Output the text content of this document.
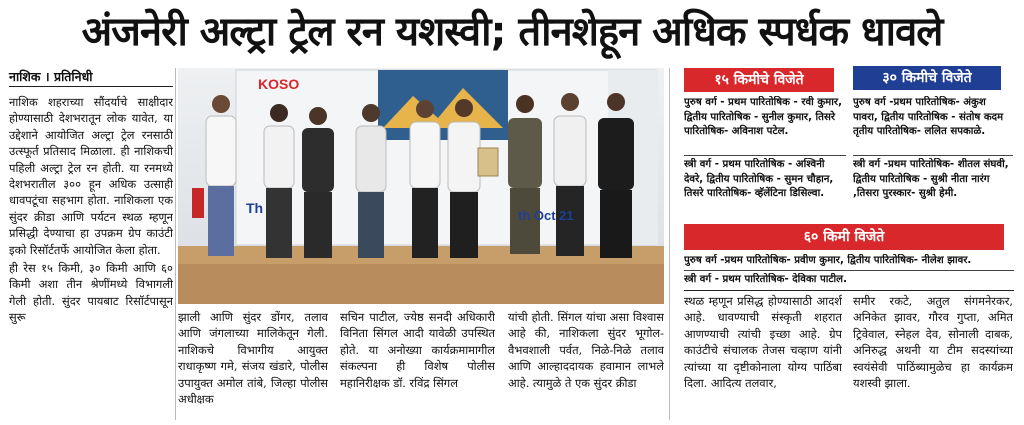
अंजनेरी अल्ट्रा ट्रेल रन यशस्वी; तीनशेहून अधिक स्पर्धक धावले
नाशिक । प्रतिनिधी

नाशिक शहराच्या सौंदर्याचे साक्षीदार होण्यासाठी देशभरातून लोक यावेत, या उद्देशाने आयोजित अल्ट्रा ट्रेल रनसाठी उत्स्फूर्त प्रतिसाद मिळाला. ही नाशिकची पहिली अल्ट्रा ट्रेल रन होती. या रनमध्ये देशभरातील ३०० हून अधिक उत्साही धावपटूंचा सहभाग होता. नाशिकला एक सुंदर क्रीडा आणि पर्यटन स्थळ म्हणून प्रसिद्धी देण्याचा हा उपक्रम ग्रेप काउंटी इको रिसॉर्टतर्फे आयोजित केला होता.

ही रेस १५ किमी, ३० किमी आणि ६० किमी अशा तीन श्रेणींमध्ये विभागली गेली होती. सुंदर पायबाट रिसॉर्टपासून सुरू

KOSO
Th	th Oct 21

झाली आणि सुंदर डोंगर, तलाव आणि जंगलाच्या मालिकेतून गेली. नाशिकचे विभागीय आयुक्त राधाकृष्ण गमे, संजय खंडारे, पोलीस उपायुक्त अमोल तांबे, जिल्हा पोलीस अधीक्षक

सचिन पाटील, ज्येष्ठ सनदी अधिकारी विनिता सिंगल आदी यावेळी उपस्थित होते. या अनोख्या कार्यक्रमामागील संकल्पना ही विशेष पोलीस महानिरीक्षक डॉ. रविंद्र सिंगल

यांची होती. सिंगल यांचा असा विश्वास आहे की, नाशिकला सुंदर भूगोल-वैभवशाली पर्वत, निळे-निळे तलाव आणि आल्हाददायक हवामान लाभले आहे. त्यामुळे ते एक सुंदर क्रीडा

१५ किमीचे विजेते
पुरुष वर्ग - प्रथम पारितोषिक - रवी कुमार, द्वितीय पारितोषिक - सुनील कुमार, तिसरे पारितोषिक- अविनाश पटेल.
स्त्री वर्ग - प्रथम पारितोषिक - अश्विनी देवरे, द्वितीय पारितोषिक - सुमन चौहान, तिसरे पारितोषिक- व्हॅलेंटिना डिसिल्वा.
३० किमीचे विजेते
पुरुष वर्ग -प्रथम पारितोषिक- अंकुश पावरा, द्वितीय पारितोषिक - संतोष कदम तृतीय पारितोषिक- ललित सपकाळे.
स्त्री वर्ग -प्रथम पारितोषिक- शीतल संघवी, द्वितीय पारितोषिक - सुश्री नीता नारंग ,तिसरा पुरस्कार- सुश्री हेमी.
६० किमी विजेते
पुरुष वर्ग -प्रथम पारितोषिक- प्रवीण कुमार, द्वितीय पारितोषिक- नीलेश झावर.
स्त्री वर्ग - प्रथम पारितोषिक- देविका पाटील.

स्थळ म्हणून प्रसिद्ध होण्यासाठी आदर्श आहे. धावण्याची संस्कृती शहरात आणण्याची त्यांची इच्छा आहे. ग्रेप काउंटीचे संचालक तेजस चव्हाण यांनी त्यांच्या या दृष्टीकोनाला योग्य पाठिंबा दिला. आदित्य तलवार,

समीर रकटे, अतुल संगमनेरकर, अनिकेत झावर, गौरव गुप्ता, अमित ट्रिवेवाल, स्नेहल देव, सोनाली दाबक, अनिरुद्ध अथनी या टीम सदस्यांच्या स्वयंसेवी पाठिंब्यामुळेच हा कार्यक्रम यशस्वी झाला.
